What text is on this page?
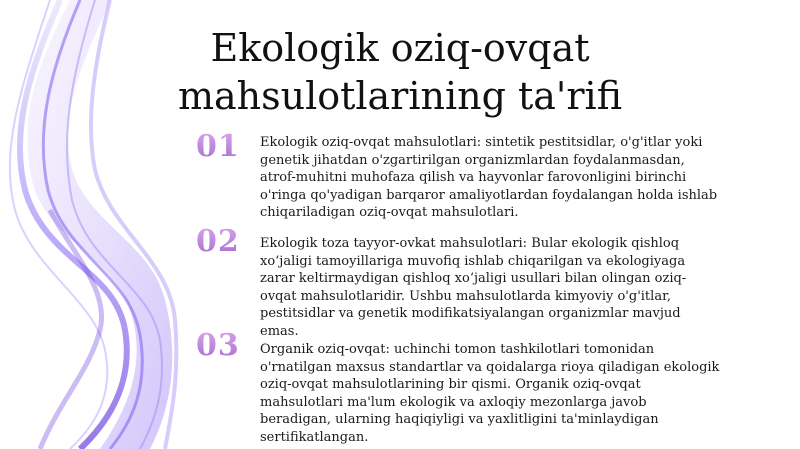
Ekologik oziq-ovqat mahsulotlarining ta'rifi
01	Ekologik oziq-ovqat mahsulotlari: sintetik pestitsidlar, o'g'itlar yoki genetik jihatdan o'zgartirilgan organizmlardan foydalanmasdan, atrof-muhitni muhofaza qilish va hayvonlar farovonligini birinchi o'ringa qo'yadigan barqaror amaliyotlardan foydalangan holda ishlab chiqariladigan oziq-ovqat mahsulotlari.

02	Ekologik toza tayyor-ovkat mahsulotlari: Bular ekologik qishloq xo‘jaligi tamoyillariga muvofiq ishlab chiqarilgan va ekologiyaga zarar keltirmaydigan qishloq xo‘jaligi usullari bilan olingan oziq-ovqat mahsulotlaridir. Ushbu mahsulotlarda kimyoviy o'g'itlar, pestitsidlar va genetik modifikatsiyalangan organizmlar mavjud emas.

03	Organik oziq-ovqat: uchinchi tomon tashkilotlari tomonidan o'rnatilgan maxsus standartlar va qoidalarga rioya qiladigan ekologik oziq-ovqat mahsulotlarining bir qismi. Organik oziq-ovqat mahsulotlari ma'lum ekologik va axloqiy mezonlarga javob beradigan, ularning haqiqiyligi va yaxlitligini ta'minlaydigan sertifikatlangan.
